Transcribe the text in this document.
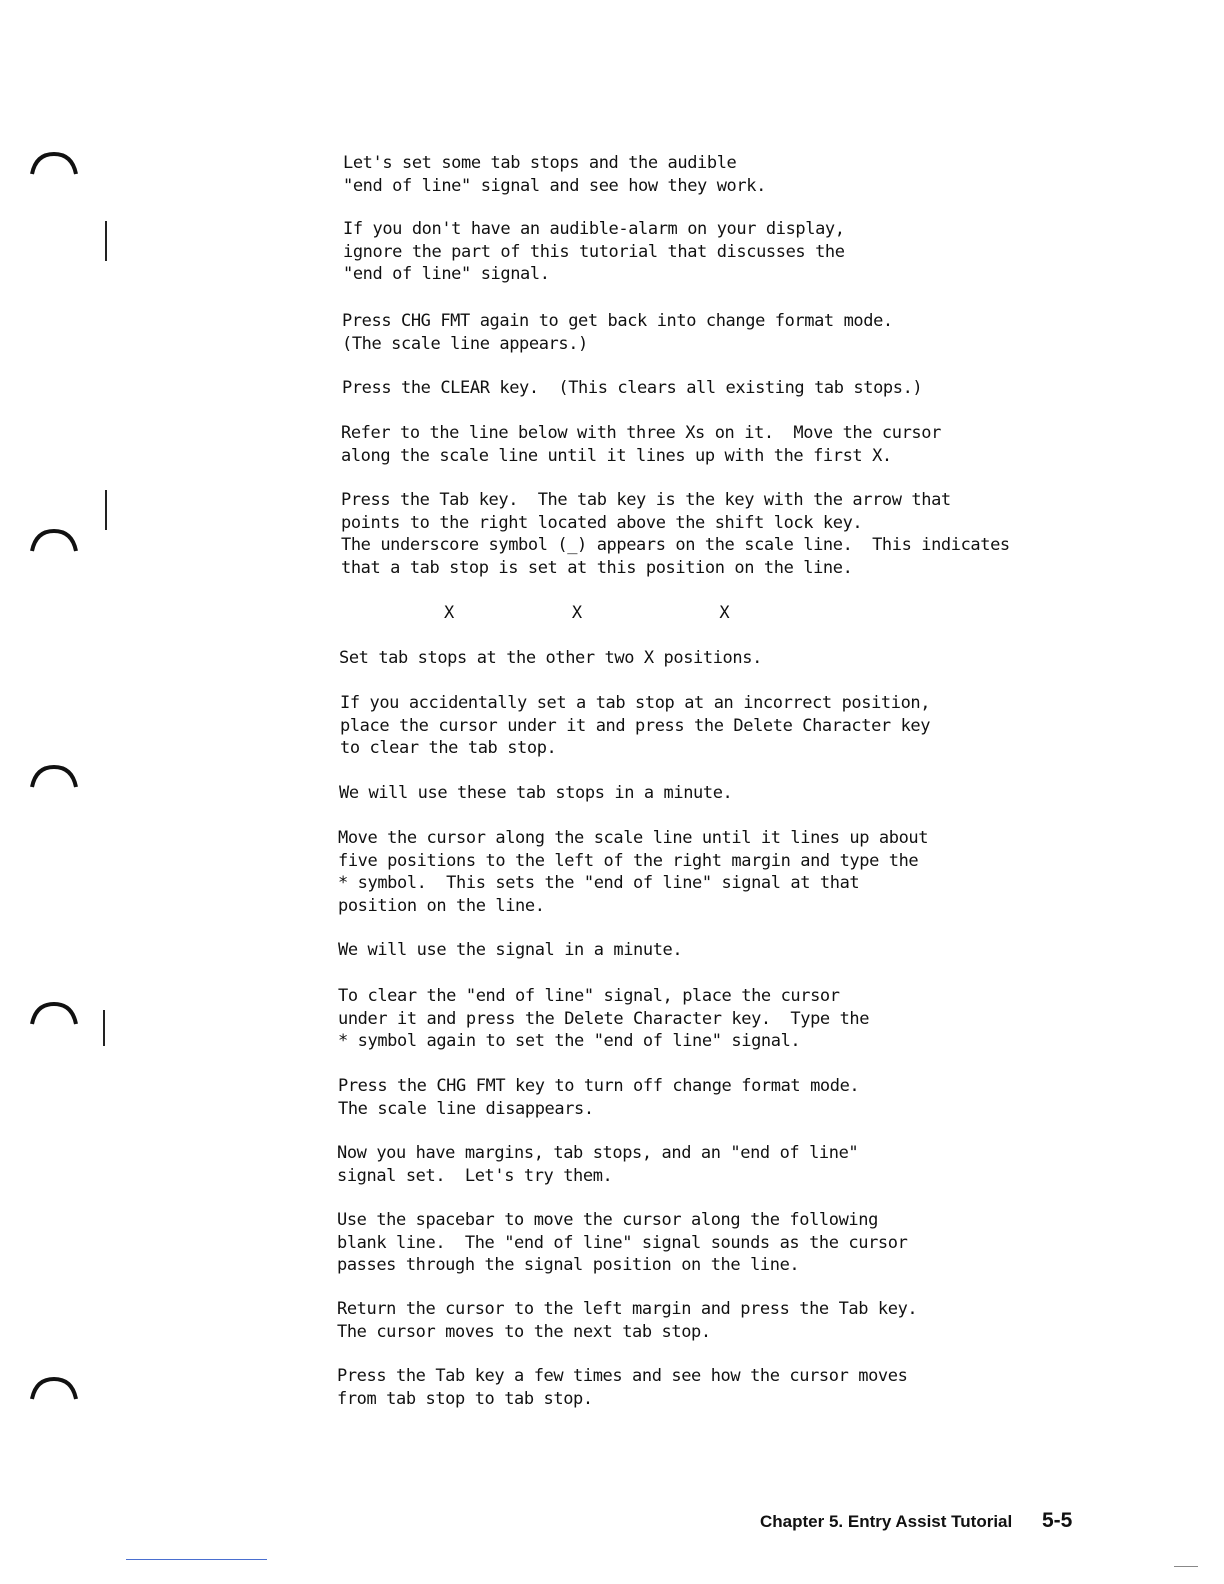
Let's set some tab stops and the audible
"end of line" signal and see how they work.

If you don't have an audible-alarm on your display,
ignore the part of this tutorial that discusses the
"end of line" signal.

Press CHG FMT again to get back into change format mode.
(The scale line appears.)

Press the CLEAR key.  (This clears all existing tab stops.)

Refer to the line below with three Xs on it.  Move the cursor
along the scale line until it lines up with the first X.

Press the Tab key.  The tab key is the key with the arrow that
points to the right located above the shift lock key.
The underscore symbol (_) appears on the scale line.  This indicates
that a tab stop is set at this position on the line.

X            X              X

Set tab stops at the other two X positions.

If you accidentally set a tab stop at an incorrect position,
place the cursor under it and press the Delete Character key
to clear the tab stop.

We will use these tab stops in a minute.

Move the cursor along the scale line until it lines up about
five positions to the left of the right margin and type the
* symbol.  This sets the "end of line" signal at that
position on the line.

We will use the signal in a minute.

To clear the "end of line" signal, place the cursor
under it and press the Delete Character key.  Type the
* symbol again to set the "end of line" signal.

Press the CHG FMT key to turn off change format mode.
The scale line disappears.

Now you have margins, tab stops, and an "end of line"
signal set.  Let's try them.

Use the spacebar to move the cursor along the following
blank line.  The "end of line" signal sounds as the cursor
passes through the signal position on the line.

Return the cursor to the left margin and press the Tab key.
The cursor moves to the next tab stop.

Press the Tab key a few times and see how the cursor moves
from tab stop to tab stop.

Chapter 5. Entry Assist Tutorial 5-5
